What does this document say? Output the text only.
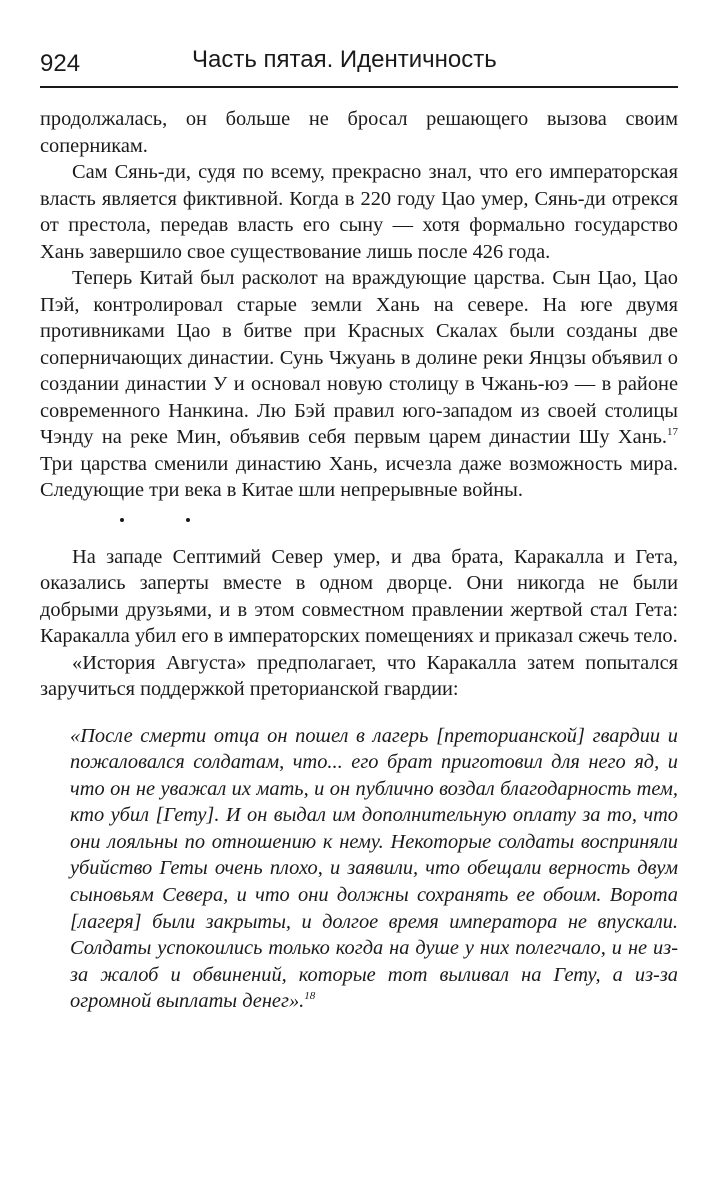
924	Часть пятая. Идентичность

продолжалась, он больше не бросал решающего вызова своим соперникам.

Сам Сянь-ди, судя по всему, прекрасно знал, что его императорская власть является фиктивной. Когда в 220 году Цао умер, Сянь-ди отрекся от престола, передав власть его сыну — хотя формально государство Хань завершило свое существование лишь после 426 года.

Теперь Китай был расколот на враждующие царства. Сын Цао, Цао Пэй, контролировал старые земли Хань на севере. На юге двумя противниками Цао в битве при Красных Скалах были созданы две соперничающих династии. Сунь Чжуань в долине реки Янцзы объявил о создании династии У и основал новую столицу в Чжань-юэ — в районе современного Нанкина. Лю Бэй правил юго-западом из своей столицы Чэнду на реке Мин, объявив себя первым царем династии Шу Хань.$^{17}$ Три царства сменили династию Хань, исчезла даже возможность мира. Следующие три века в Китае шли непрерывные войны.

На западе Септимий Север умер, и два брата, Каракалла и Гета, оказались заперты вместе в одном дворце. Они никогда не были добрыми друзьями, и в этом совместном правлении жертвой стал Гета: Каракалла убил его в императорских помещениях и приказал сжечь тело.

«История Августа» предполагает, что Каракалла затем попытался заручиться поддержкой преторианской гвардии:

«После смерти отца он пошел в лагерь [преторианской] гвардии и пожаловался солдатам, что... его брат приготовил для него яд, и что он не уважал их мать, и он публично воздал благодарность тем, кто убил [Гету]. И он выдал им дополнительную оплату за то, что они лояльны по отношению к нему. Некоторые солдаты восприняли убийство Геты очень плохо, и заявили, что обещали верность двум сыновьям Севера, и что они должны сохранять ее обоим. Ворота [лагеря] были закрыты, и долгое время императора не впускали. Солдаты успокоились только когда на душе у них полегчало, и не из-за жалоб и обвинений, которые тот выливал на Гету, а из-за огромной выплаты денег».$^{18}$
